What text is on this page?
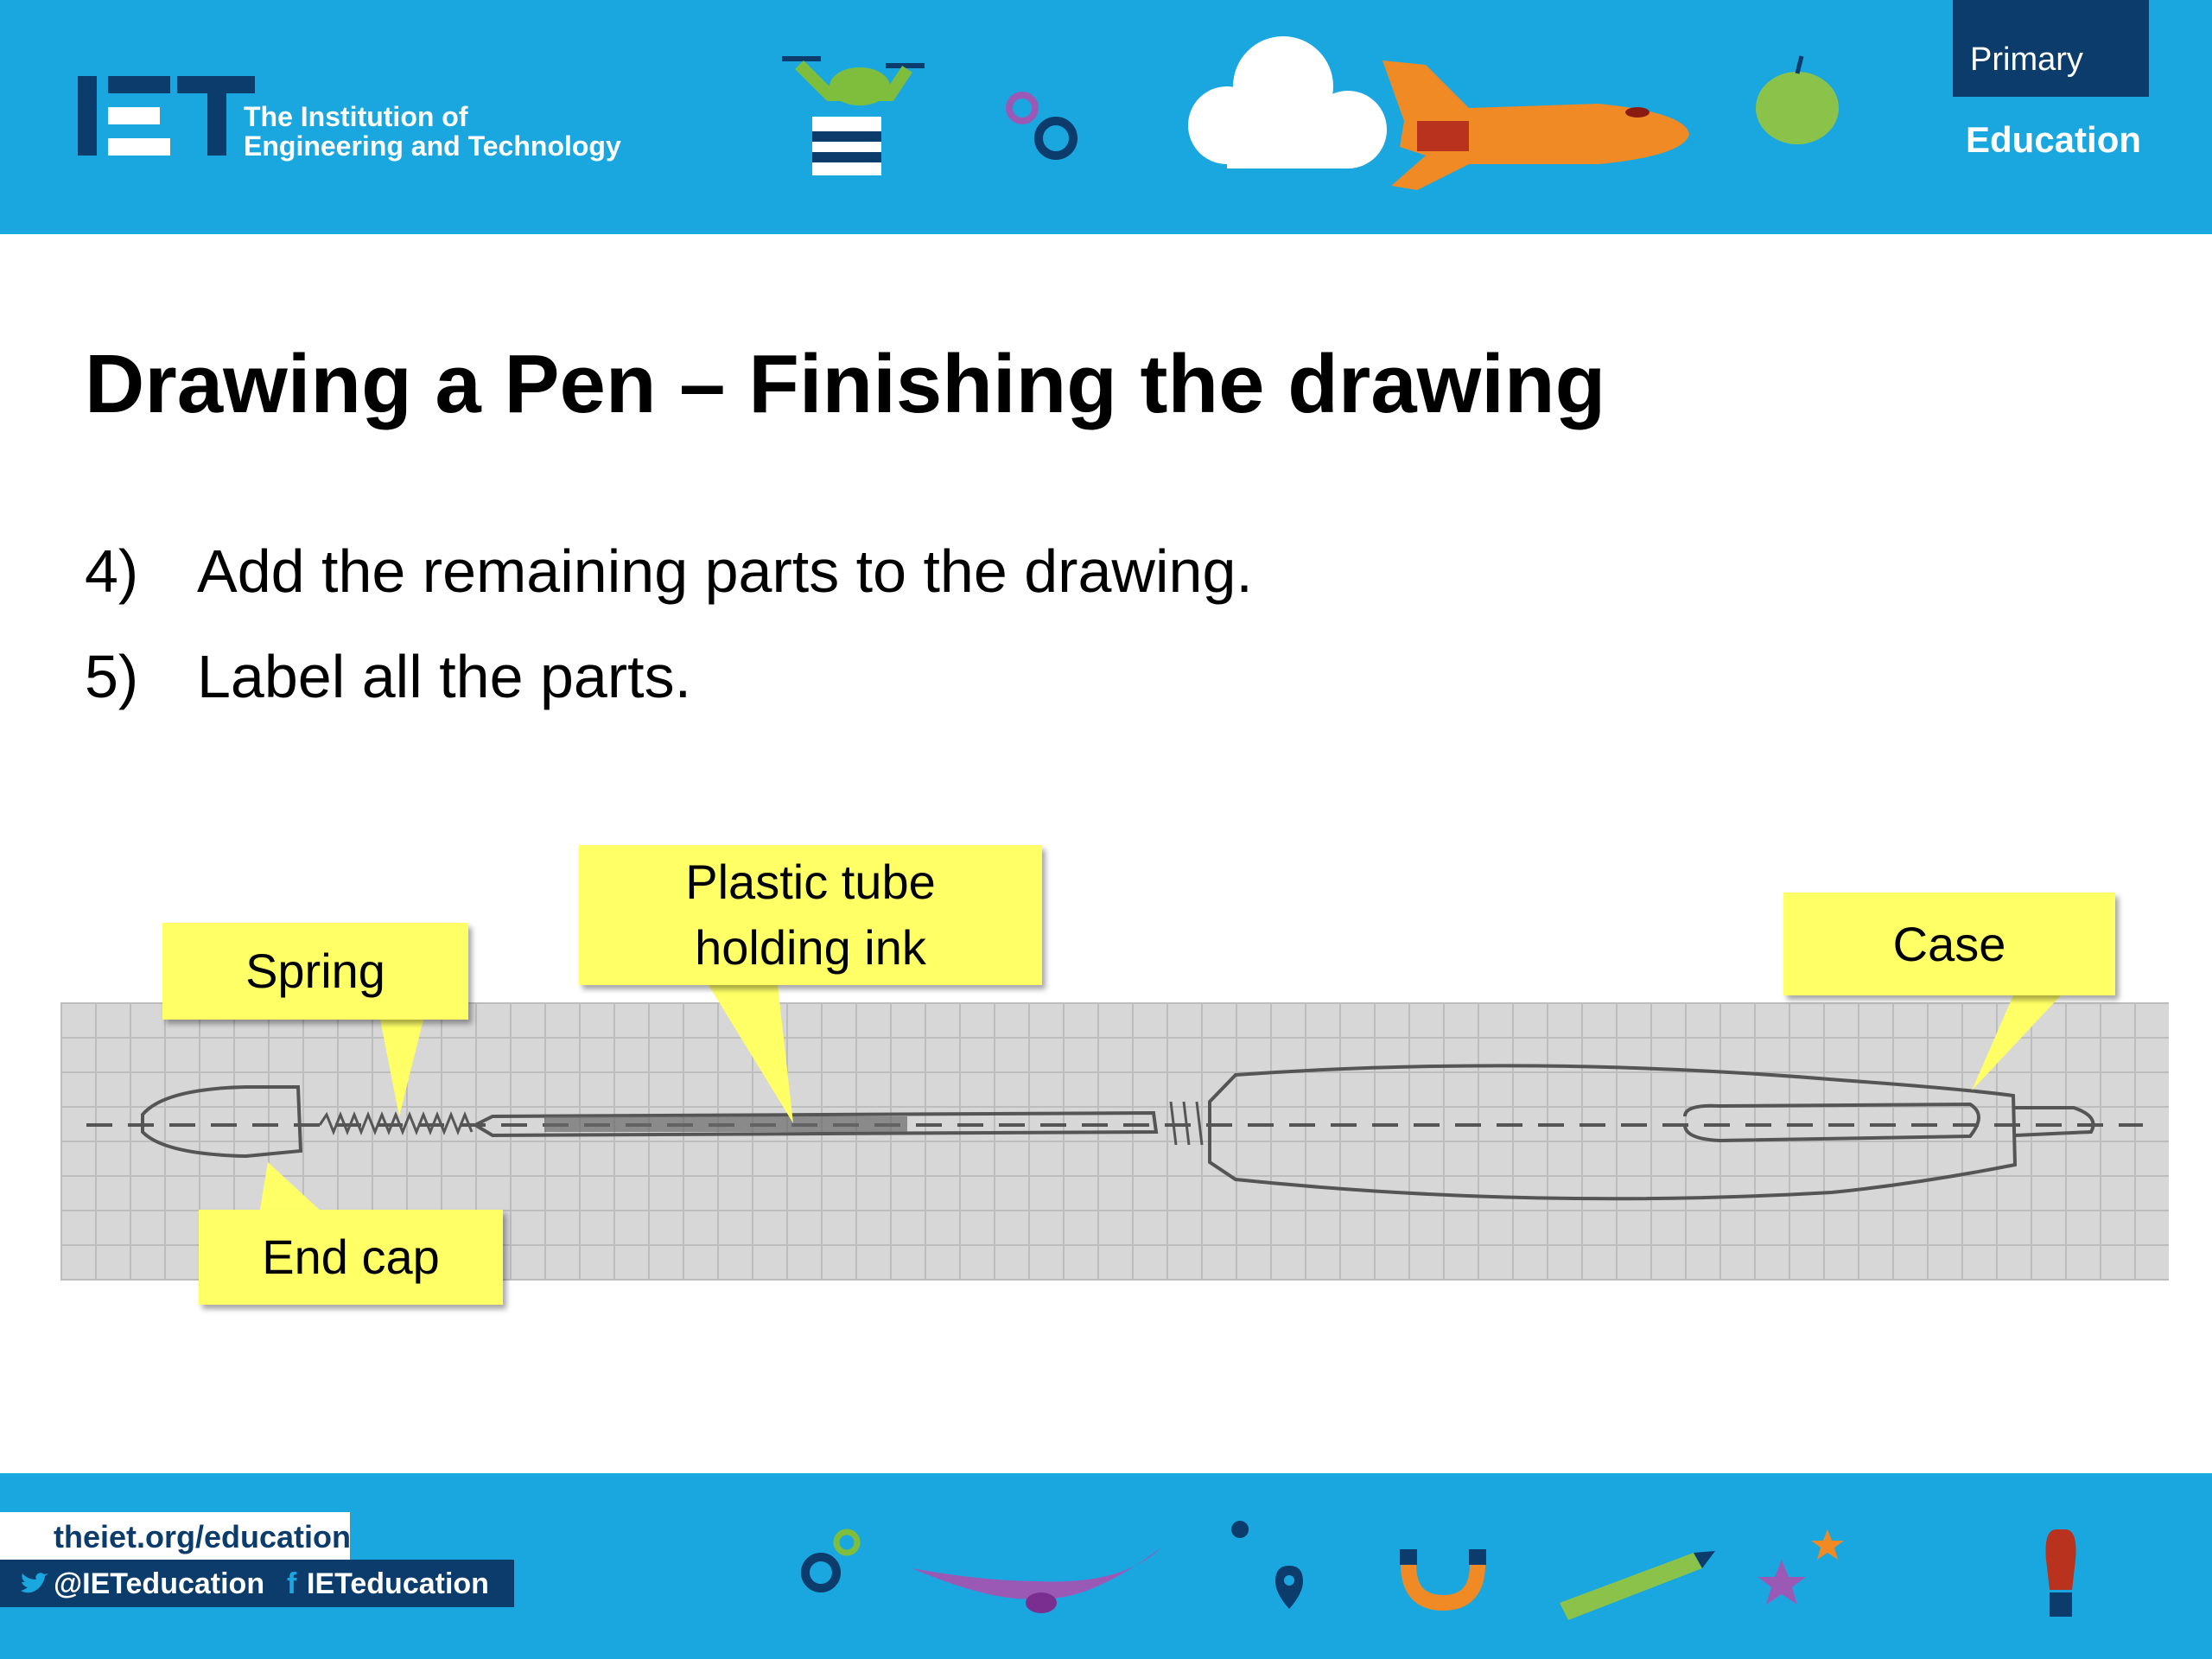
The Institution of
Engineering and Technology
Primary
Education
Drawing a Pen – Finishing the drawing
4) Add the remaining parts to the drawing.
5) Label all the parts.
Spring
Plastic tube
holding ink	Case
End cap
theiet.org/education
@IETeducation f IETeducation
